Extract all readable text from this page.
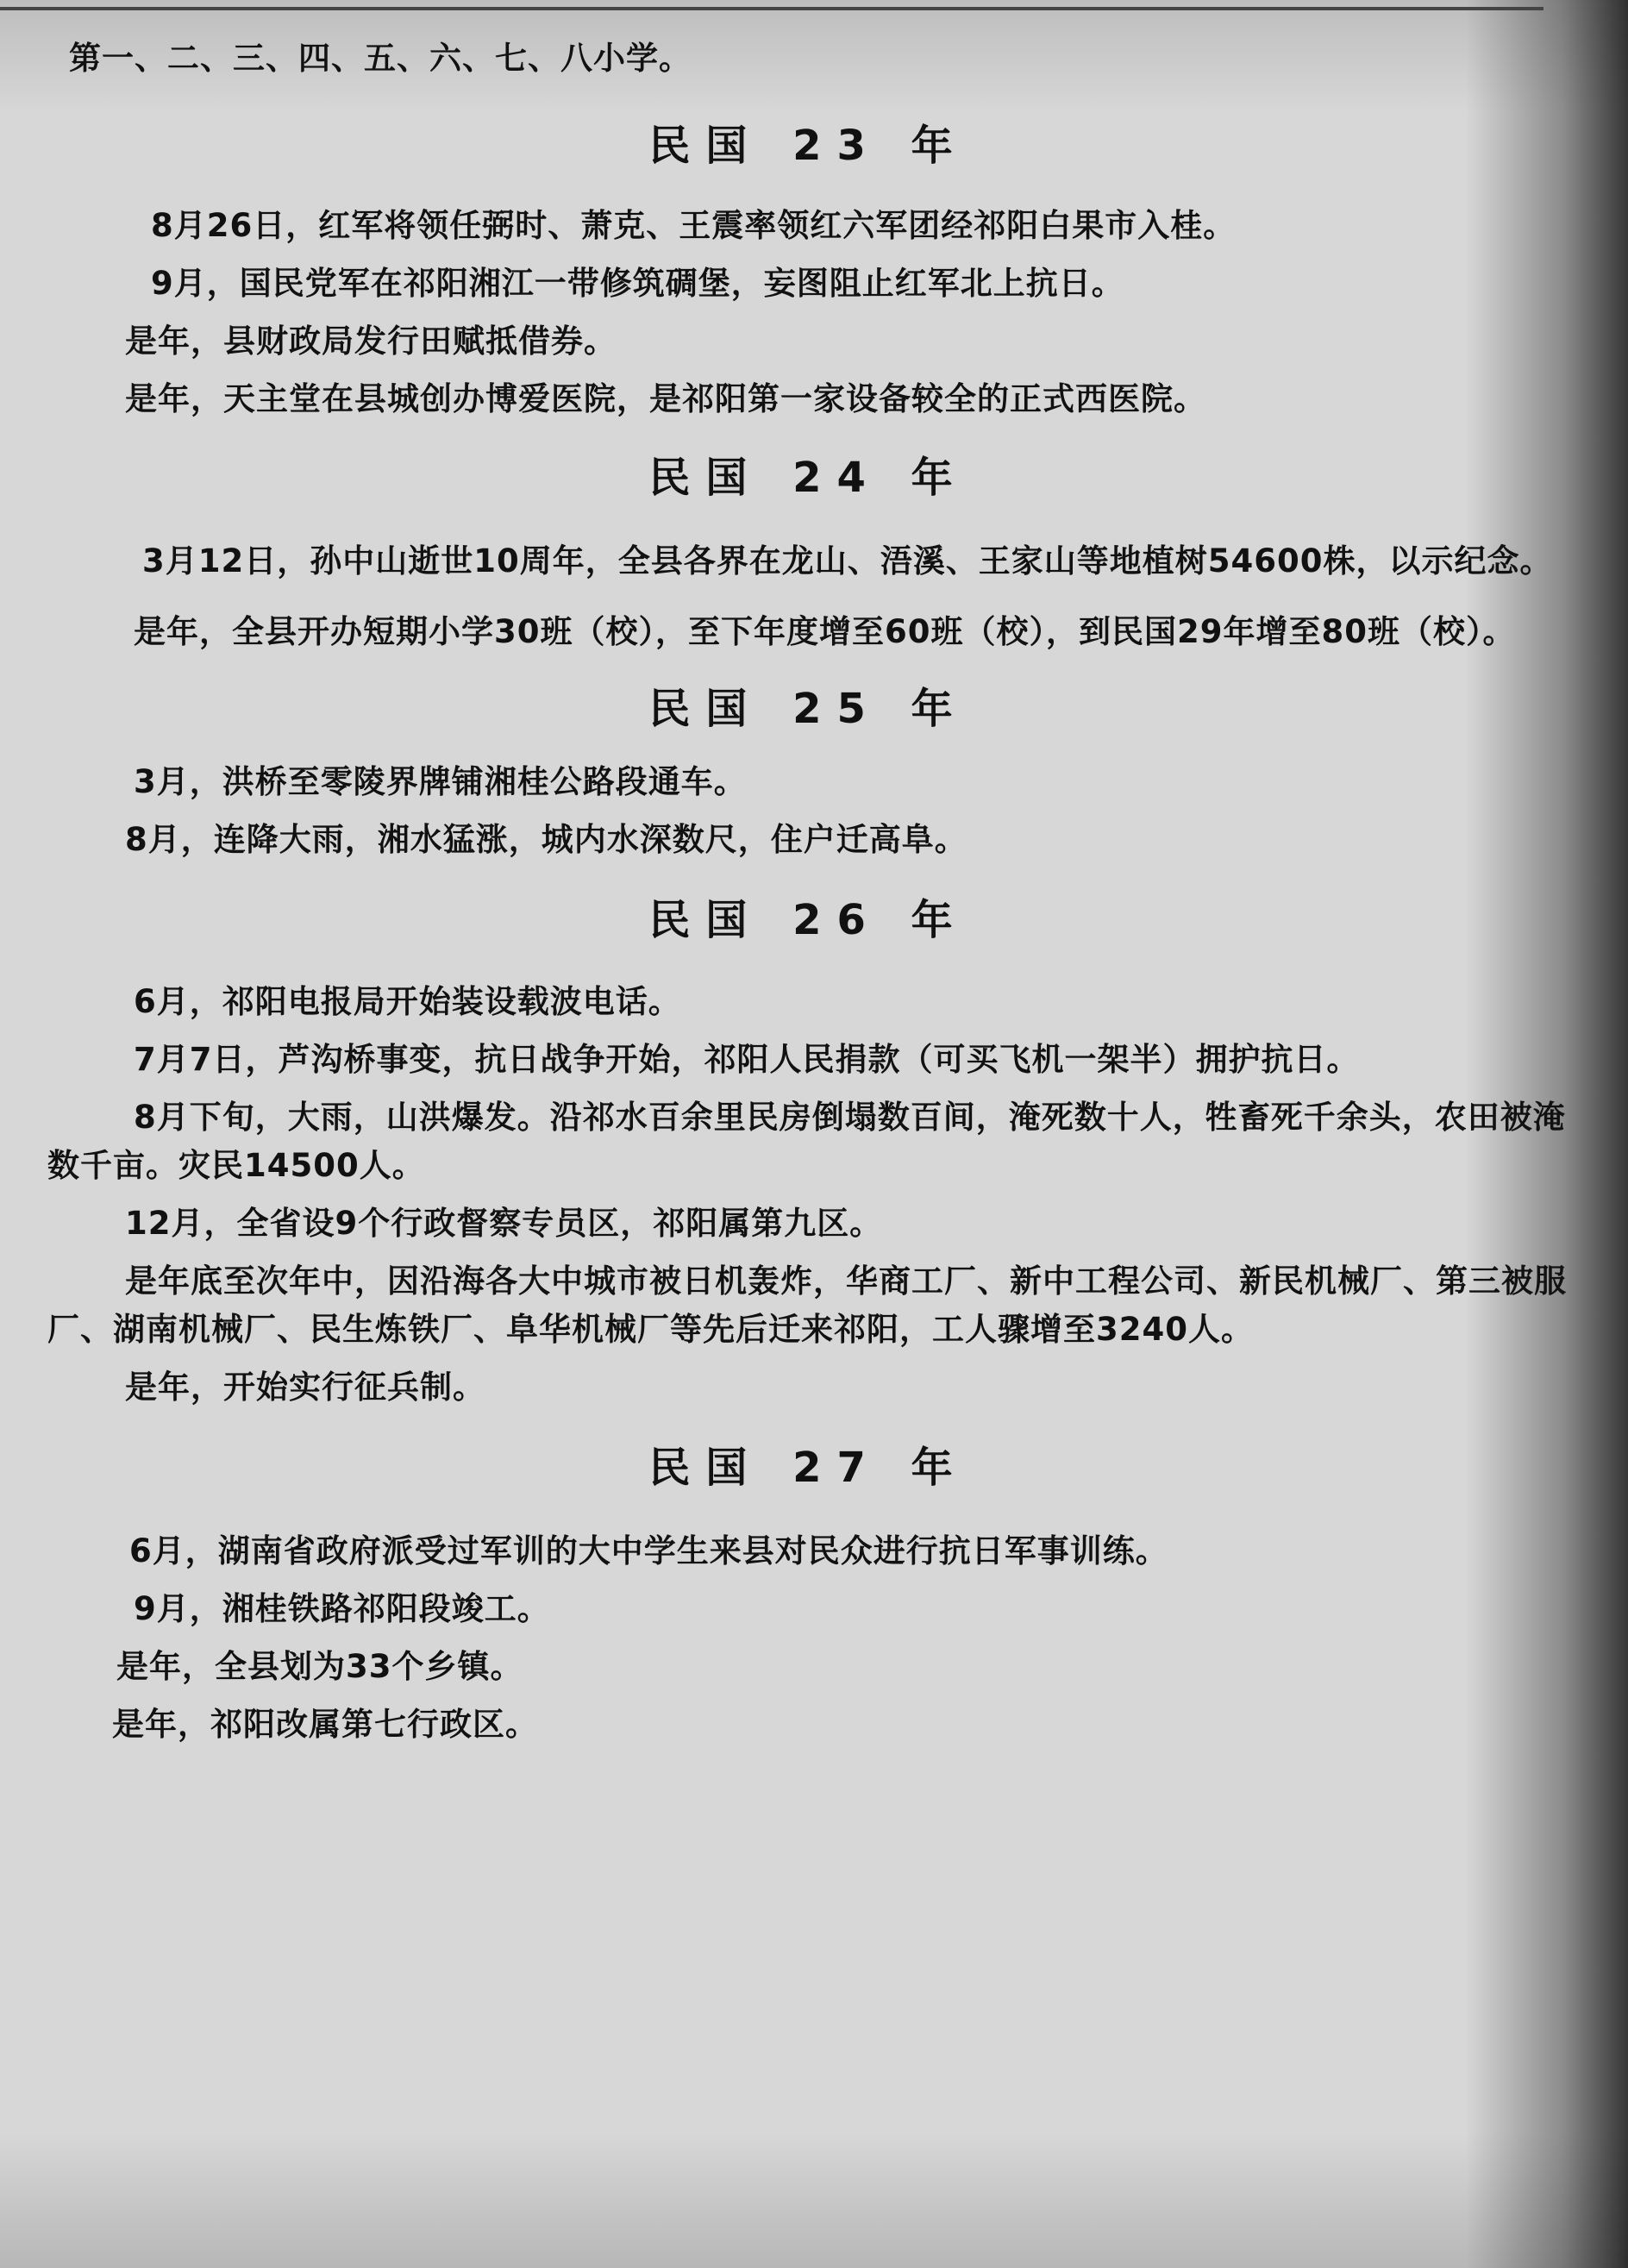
第一、二、三、四、五、六、七、八小学。
民国 23 年
8月26日，红军将领任弼时、萧克、王震率领红六军团经祁阳白果市入桂。
9月，国民党军在祁阳湘江一带修筑碉堡，妄图阻止红军北上抗日。
是年，县财政局发行田赋抵借券。
是年，天主堂在县城创办博爱医院，是祁阳第一家设备较全的正式西医院。
民国 24 年
3月12日，孙中山逝世10周年，全县各界在龙山、浯溪、王家山等地植树54600株，以示纪念。
是年，全县开办短期小学30班（校），至下年度增至60班（校），到民国29年增至80班（校）。
民国 25 年
3月，洪桥至零陵界牌铺湘桂公路段通车。
8月，连降大雨，湘水猛涨，城内水深数尺，住户迁高阜。
民国 26 年
6月，祁阳电报局开始装设载波电话。
7月7日，芦沟桥事变，抗日战争开始，祁阳人民捐款（可买飞机一架半）拥护抗日。
8月下旬，大雨，山洪爆发。沿祁水百余里民房倒塌数百间，淹死数十人，牲畜死千余头，农田被淹数千亩。灾民14500人。
12月，全省设9个行政督察专员区，祁阳属第九区。
是年底至次年中，因沿海各大中城市被日机轰炸，华商工厂、新中工程公司、新民机械厂、第三被服厂、湖南机械厂、民生炼铁厂、阜华机械厂等先后迁来祁阳，工人骤增至3240人。
是年，开始实行征兵制。
民国 27 年
6月，湖南省政府派受过军训的大中学生来县对民众进行抗日军事训练。
9月，湘桂铁路祁阳段竣工。
是年，全县划为33个乡镇。
是年，祁阳改属第七行政区。
